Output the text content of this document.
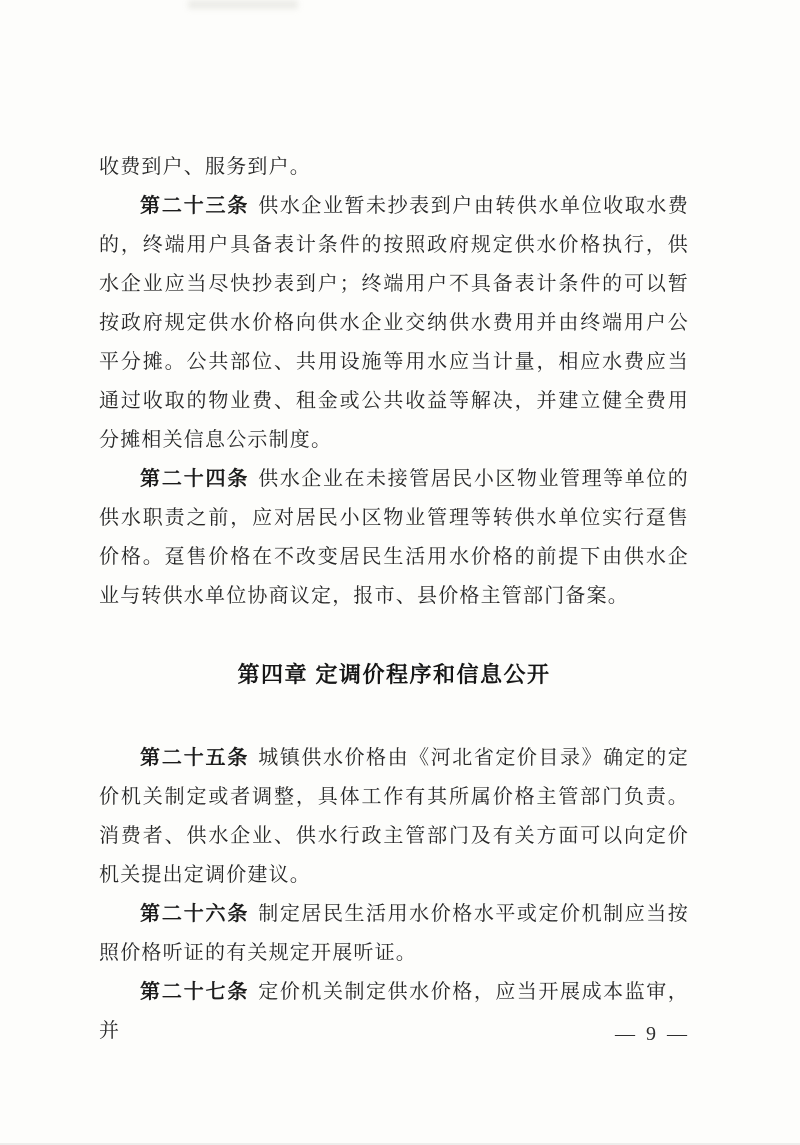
收费到户、服务到户。

第二十三条 供水企业暂未抄表到户由转供水单位收取水费的，终端用户具备表计条件的按照政府规定供水价格执行，供水企业应当尽快抄表到户；终端用户不具备表计条件的可以暂按政府规定供水价格向供水企业交纳供水费用并由终端用户公平分摊。公共部位、共用设施等用水应当计量，相应水费应当通过收取的物业费、租金或公共收益等解决，并建立健全费用分摊相关信息公示制度。

第二十四条 供水企业在未接管居民小区物业管理等单位的供水职责之前，应对居民小区物业管理等转供水单位实行趸售价格。趸售价格在不改变居民生活用水价格的前提下由供水企业与转供水单位协商议定，报市、县价格主管部门备案。

第四章 定调价程序和信息公开

第二十五条 城镇供水价格由《河北省定价目录》确定的定价机关制定或者调整，具体工作有其所属价格主管部门负责。消费者、供水企业、供水行政主管部门及有关方面可以向定价机关提出定调价建议。

第二十六条 制定居民生活用水价格水平或定价机制应当按照价格听证的有关规定开展听证。

第二十七条 定价机关制定供水价格，应当开展成本监审，并	— 9 —
